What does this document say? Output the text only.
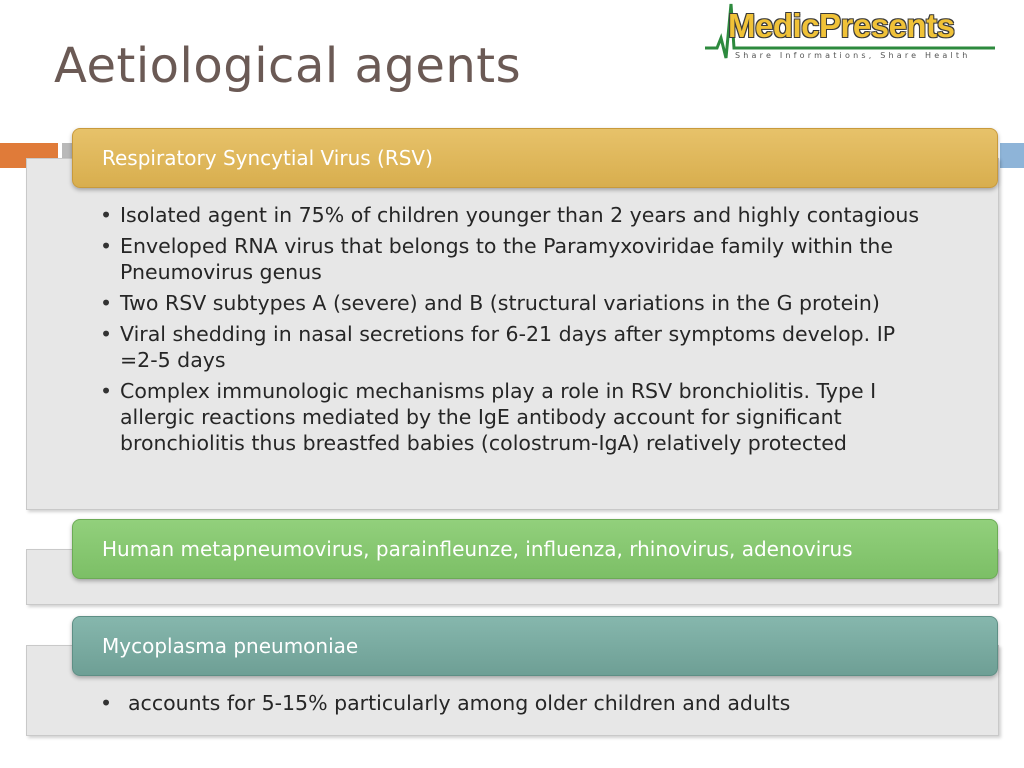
Aetiological agents
MedicPresents
Share Informations, Share Health
Respiratory Syncytial Virus (RSV)
• Isolated agent in 75% of children younger than 2 years and highly contagious
• Enveloped RNA virus that belongs to the Paramyxoviridae family within the Pneumovirus genus
• Two RSV subtypes A (severe) and B (structural variations in the G protein)
• Viral shedding in nasal secretions for 6-21 days after symptoms develop. IP =2-5 days
• Complex immunologic mechanisms play a role in RSV bronchiolitis. Type I allergic reactions mediated by the IgE antibody account for significant bronchiolitis thus breastfed babies (colostrum-IgA) relatively protected
Human metapneumovirus, parainfleunze, influenza, rhinovirus, adenovirus
Mycoplasma pneumoniae
• accounts for 5-15% particularly among older children and adults
